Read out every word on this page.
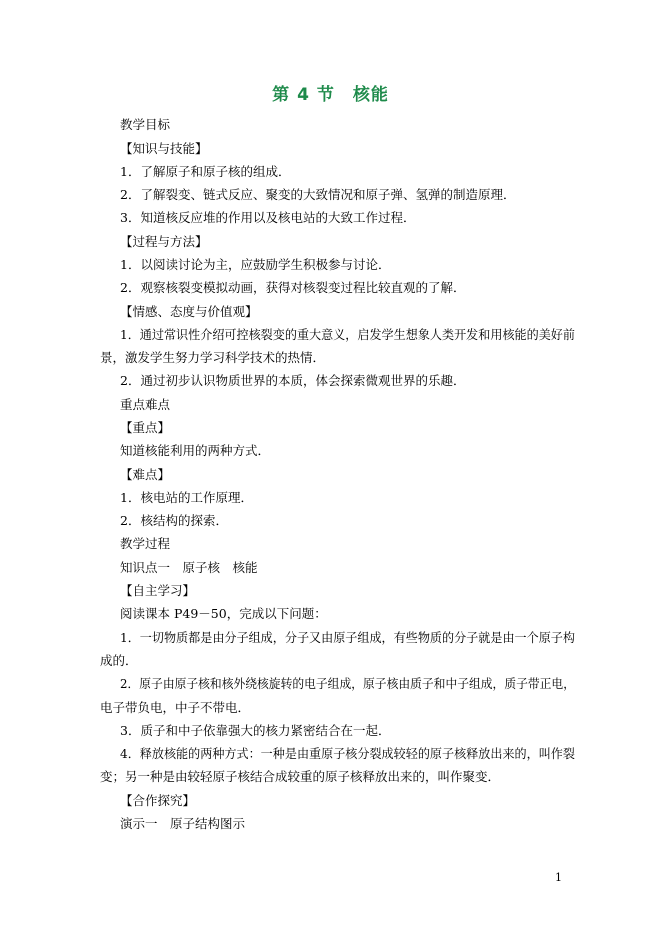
第 4 节　核能
教学目标
【知识与技能】
1．了解原子和原子核的组成．
2．了解裂变、链式反应、聚变的大致情况和原子弹、氢弹的制造原理．
3．知道核反应堆的作用以及核电站的大致工作过程．
【过程与方法】
1．以阅读讨论为主，应鼓励学生积极参与讨论．
2．观察核裂变模拟动画，获得对核裂变过程比较直观的了解．
【情感、态度与价值观】
1．通过常识性介绍可控核裂变的重大意义，启发学生想象人类开发和用核能的美好前
景，激发学生努力学习科学技术的热情．
2．通过初步认识物质世界的本质，体会探索微观世界的乐趣．
重点难点
【重点】
知道核能利用的两种方式．
【难点】
1．核电站的工作原理．
2．核结构的探索．
教学过程
知识点一　原子核　核能
【自主学习】
阅读课本 P49－50，完成以下问题：
1．一切物质都是由分子组成，分子又由原子组成，有些物质的分子就是由一个原子构
成的．
2．原子由原子核和核外绕核旋转的电子组成，原子核由质子和中子组成，质子带正电，
电子带负电，中子不带电．
3．质子和中子依靠强大的核力紧密结合在一起．
4．释放核能的两种方式：一种是由重原子核分裂成较轻的原子核释放出来的，叫作裂
变；另一种是由较轻原子核结合成较重的原子核释放出来的，叫作聚变．
【合作探究】
演示一　原子结构图示
1
